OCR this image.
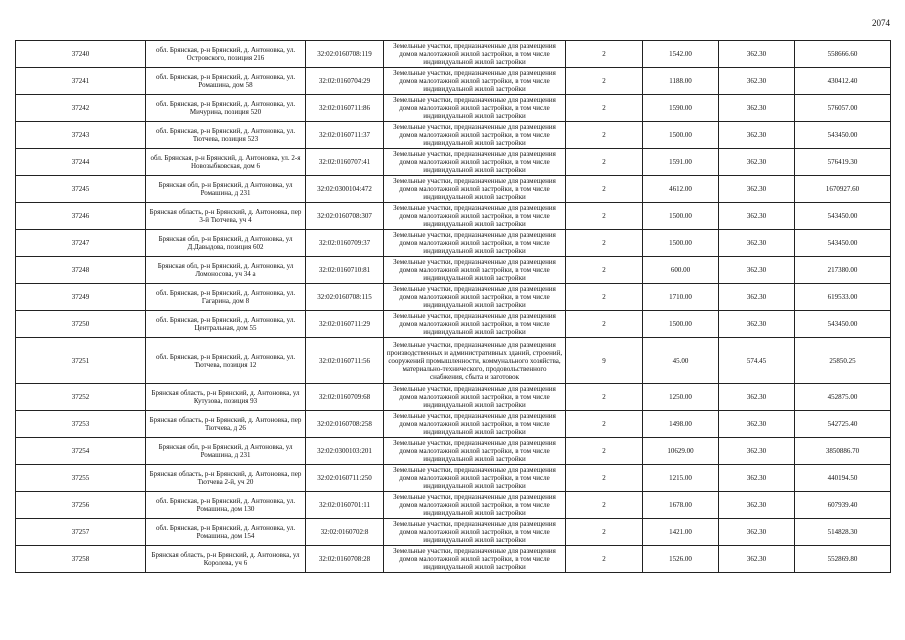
2074
37240	обл. Брянская, р-н Брянский, д. Антоновка, ул. Островского, позиция 216	32:02:0160708:119	Земельные участки, предназначенные для размещения домов малоэтажной жилой застройки, в том числе индивидуальной жилой застройки	2	1542.00	362.30	558666.60
37241	обл. Брянская, р-н Брянский, д. Антоновка, ул. Ромашина, дом 58	32:02:0160704:29	Земельные участки, предназначенные для размещения домов малоэтажной жилой застройки, в том числе индивидуальной жилой застройки	2	1188.00	362.30	430412.40
37242	обл. Брянская, р-н Брянский, д. Антоновка, ул. Мичурина, позиция 520	32:02:0160711:86	Земельные участки, предназначенные для размещения домов малоэтажной жилой застройки, в том числе индивидуальной жилой застройки	2	1590.00	362.30	576057.00
37243	обл. Брянская, р-н Брянский, д. Антоновка, ул. Тютчева, позиция 523	32:02:0160711:37	Земельные участки, предназначенные для размещения домов малоэтажной жилой застройки, в том числе индивидуальной жилой застройки	2	1500.00	362.30	543450.00
37244	обл. Брянская, р-н Брянский, д. Антоновка, ул. 2-я Новозыбковская, дом 6	32:02:0160707:41	Земельные участки, предназначенные для размещения домов малоэтажной жилой застройки, в том числе индивидуальной жилой застройки	2	1591.00	362.30	576419.30
37245	Брянская обл, р-н Брянский, д Антоновка, ул Ромашина, д 231	32:02:0300104:472	Земельные участки, предназначенные для размещения домов малоэтажной жилой застройки, в том числе индивидуальной жилой застройки	2	4612.00	362.30	1670927.60
37246	Брянская область, р-н Брянский, д. Антоновка, пер 3-й Тютчева, уч 4	32:02:0160708:307	Земельные участки, предназначенные для размещения домов малоэтажной жилой застройки, в том числе индивидуальной жилой застройки	2	1500.00	362.30	543450.00
37247	Брянская обл, р-н Брянский, д Антоновка, ул Д.Давыдова, позиция 602	32:02:0160709:37	Земельные участки, предназначенные для размещения домов малоэтажной жилой застройки, в том числе индивидуальной жилой застройки	2	1500.00	362.30	543450.00
37248	Брянская обл, р-н Брянский, д. Антоновка, ул Ломоносова, уч 34 а	32:02:0160710:81	Земельные участки, предназначенные для размещения домов малоэтажной жилой застройки, в том числе индивидуальной жилой застройки	2	600.00	362.30	217380.00
37249	обл. Брянская, р-н Брянский, д. Антоновка, ул. Гагарина, дом 8	32:02:0160708:115	Земельные участки, предназначенные для размещения домов малоэтажной жилой застройки, в том числе индивидуальной жилой застройки	2	1710.00	362.30	619533.00
37250	обл. Брянская, р-н Брянский, д. Антоновка, ул. Центральная, дом 55	32:02:0160711:29	Земельные участки, предназначенные для размещения домов малоэтажной жилой застройки, в том числе индивидуальной жилой застройки	2	1500.00	362.30	543450.00
37251	обл. Брянская, р-н Брянский, д. Антоновка, ул. Тютчева, позиция 12	32:02:0160711:56	Земельные участки, предназначенные для размещения производственных и административных зданий, строений, сооружений промышленности, коммунального хозяйства, материально-технического, продовольственного снабжения, сбыта и заготовок	9	45.00	574.45	25850.25
37252	Брянская область, р-н Брянский, д. Антоновка, ул Кутузова, позиция 93	32:02:0160709:68	Земельные участки, предназначенные для размещения домов малоэтажной жилой застройки, в том числе индивидуальной жилой застройки	2	1250.00	362.30	452875.00
37253	Брянская область, р-н Брянский, д. Антоновка, пер Тютчева, д 26	32:02:0160708:258	Земельные участки, предназначенные для размещения домов малоэтажной жилой застройки, в том числе индивидуальной жилой застройки	2	1498.00	362.30	542725.40
37254	Брянская обл, р-н Брянский, д Антоновка, ул Ромашина, д 231	32:02:0300103:201	Земельные участки, предназначенные для размещения домов малоэтажной жилой застройки, в том числе индивидуальной жилой застройки	2	10629.00	362.30	3850886.70
37255	Брянская область, р-н Брянский, д. Антоновка, пер Тютчева 2-й, уч 20	32:02:0160711:250	Земельные участки, предназначенные для размещения домов малоэтажной жилой застройки, в том числе индивидуальной жилой застройки	2	1215.00	362.30	440194.50
37256	обл. Брянская, р-н Брянский, д. Антоновка, ул. Ромашина, дом 130	32:02:0160701:11	Земельные участки, предназначенные для размещения домов малоэтажной жилой застройки, в том числе индивидуальной жилой застройки	2	1678.00	362.30	607939.40
37257	обл. Брянская, р-н Брянский, д. Антоновка, ул. Ромашина, дом 154	32:02:0160702:8	Земельные участки, предназначенные для размещения домов малоэтажной жилой застройки, в том числе индивидуальной жилой застройки	2	1421.00	362.30	514828.30
37258	Брянская область, р-н Брянский, д. Антоновка, ул Королева, уч 6	32:02:0160708:28	Земельные участки, предназначенные для размещения домов малоэтажной жилой застройки, в том числе индивидуальной жилой застройки	2	1526.00	362.30	552869.80
